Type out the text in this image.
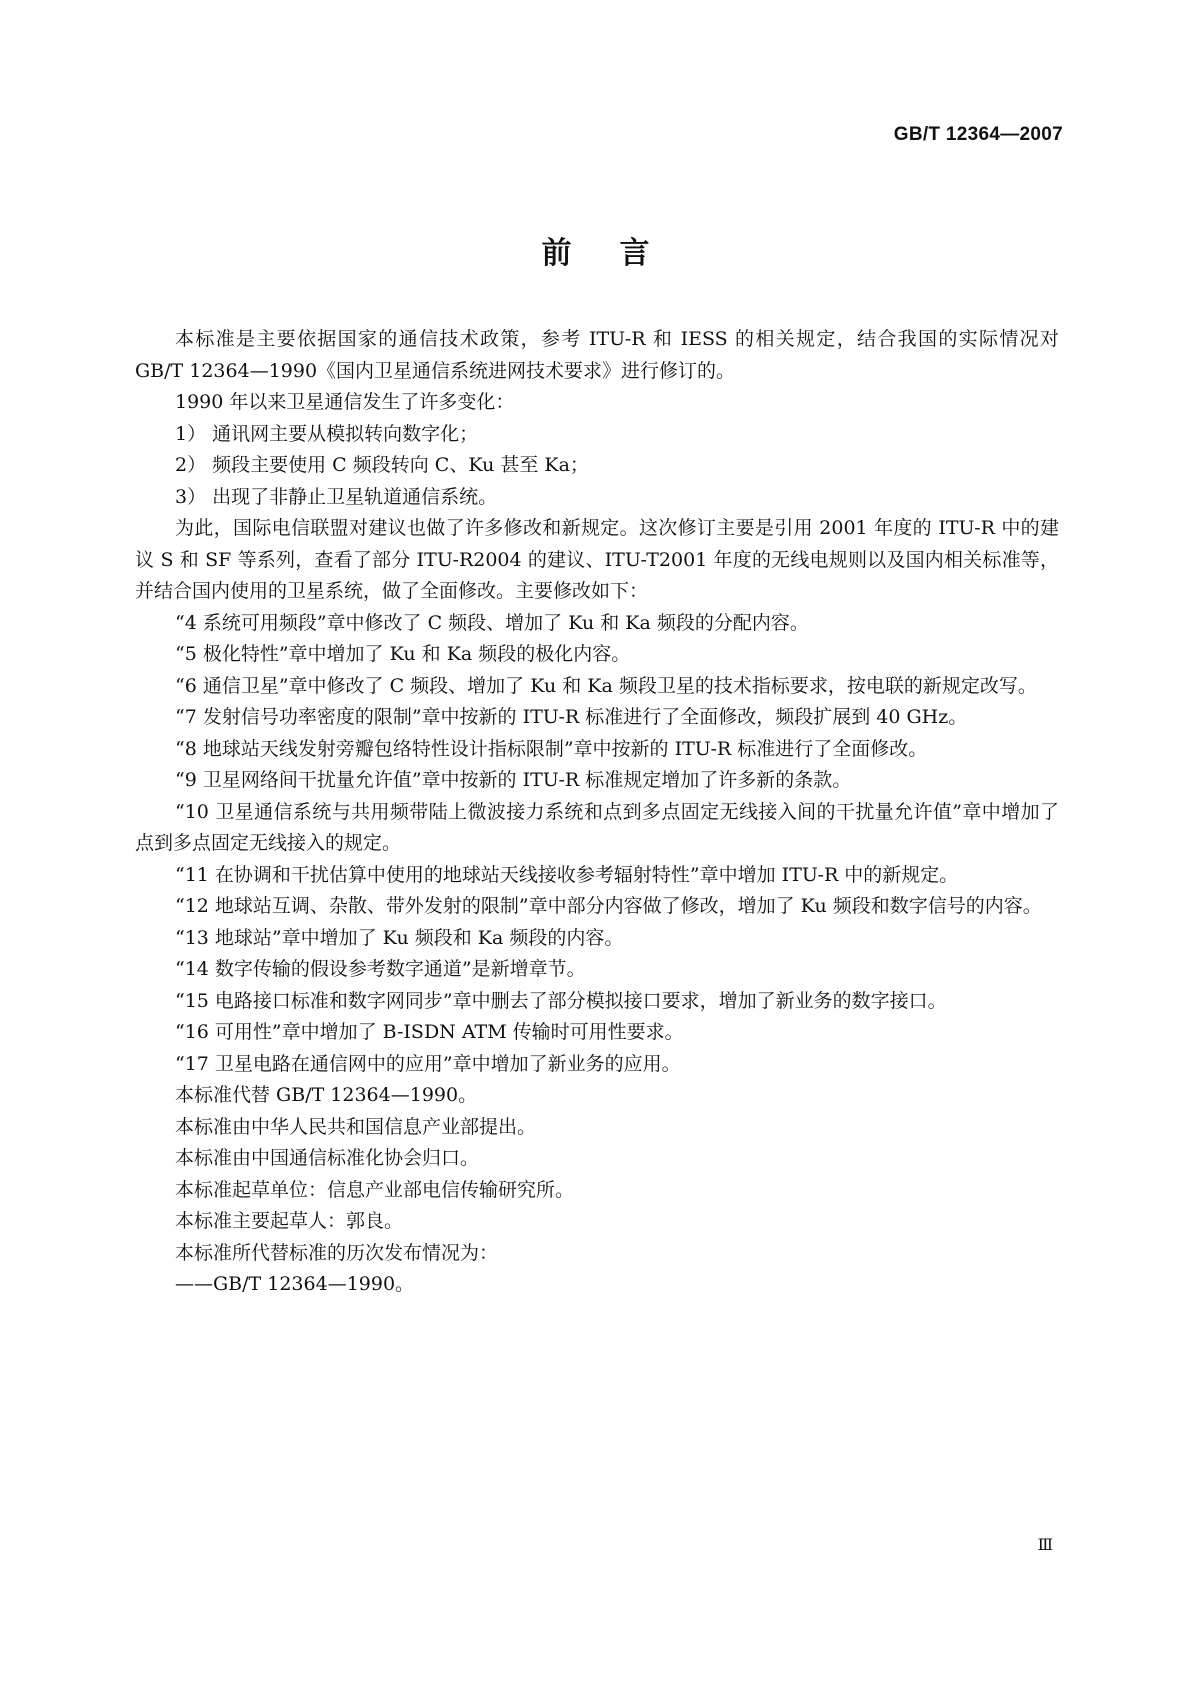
GB/T 12364—2007
前言

本标准是主要依据国家的通信技术政策，参考 ITU-R 和 IESS 的相关规定，结合我国的实际情况对 GB/T 12364—1990《国内卫星通信系统进网技术要求》进行修订的。

1990 年以来卫星通信发生了许多变化：

1） 通讯网主要从模拟转向数字化；

2） 频段主要使用 C 频段转向 C、Ku 甚至 Ka；

3） 出现了非静止卫星轨道通信系统。

为此，国际电信联盟对建议也做了许多修改和新规定。这次修订主要是引用 2001 年度的 ITU-R 中的建议 S 和 SF 等系列，查看了部分 ITU-R2004 的建议、ITU-T2001 年度的无线电规则以及国内相关标准等，并结合国内使用的卫星系统，做了全面修改。主要修改如下：

“4 系统可用频段”章中修改了 C 频段、增加了 Ku 和 Ka 频段的分配内容。

“5 极化特性”章中增加了 Ku 和 Ka 频段的极化内容。

“6 通信卫星”章中修改了 C 频段、增加了 Ku 和 Ka 频段卫星的技术指标要求，按电联的新规定改写。

“7 发射信号功率密度的限制”章中按新的 ITU-R 标准进行了全面修改，频段扩展到 40 GHz。

“8 地球站天线发射旁瓣包络特性设计指标限制”章中按新的 ITU-R 标准进行了全面修改。

“9 卫星网络间干扰量允许值”章中按新的 ITU-R 标准规定增加了许多新的条款。

“10 卫星通信系统与共用频带陆上微波接力系统和点到多点固定无线接入间的干扰量允许值”章中增加了点到多点固定无线接入的规定。

“11 在协调和干扰估算中使用的地球站天线接收参考辐射特性”章中增加 ITU-R 中的新规定。

“12 地球站互调、杂散、带外发射的限制”章中部分内容做了修改，增加了 Ku 频段和数字信号的内容。

“13 地球站”章中增加了 Ku 频段和 Ka 频段的内容。

“14 数字传输的假设参考数字通道”是新增章节。

“15 电路接口标准和数字网同步”章中删去了部分模拟接口要求，增加了新业务的数字接口。

“16 可用性”章中增加了 B-ISDN ATM 传输时可用性要求。

“17 卫星电路在通信网中的应用”章中增加了新业务的应用。

本标准代替 GB/T 12364—1990。

本标准由中华人民共和国信息产业部提出。

本标准由中国通信标准化协会归口。

本标准起草单位：信息产业部电信传输研究所。

本标准主要起草人：郭良。

本标准所代替标准的历次发布情况为：

——GB/T 12364—1990。

Ⅲ
